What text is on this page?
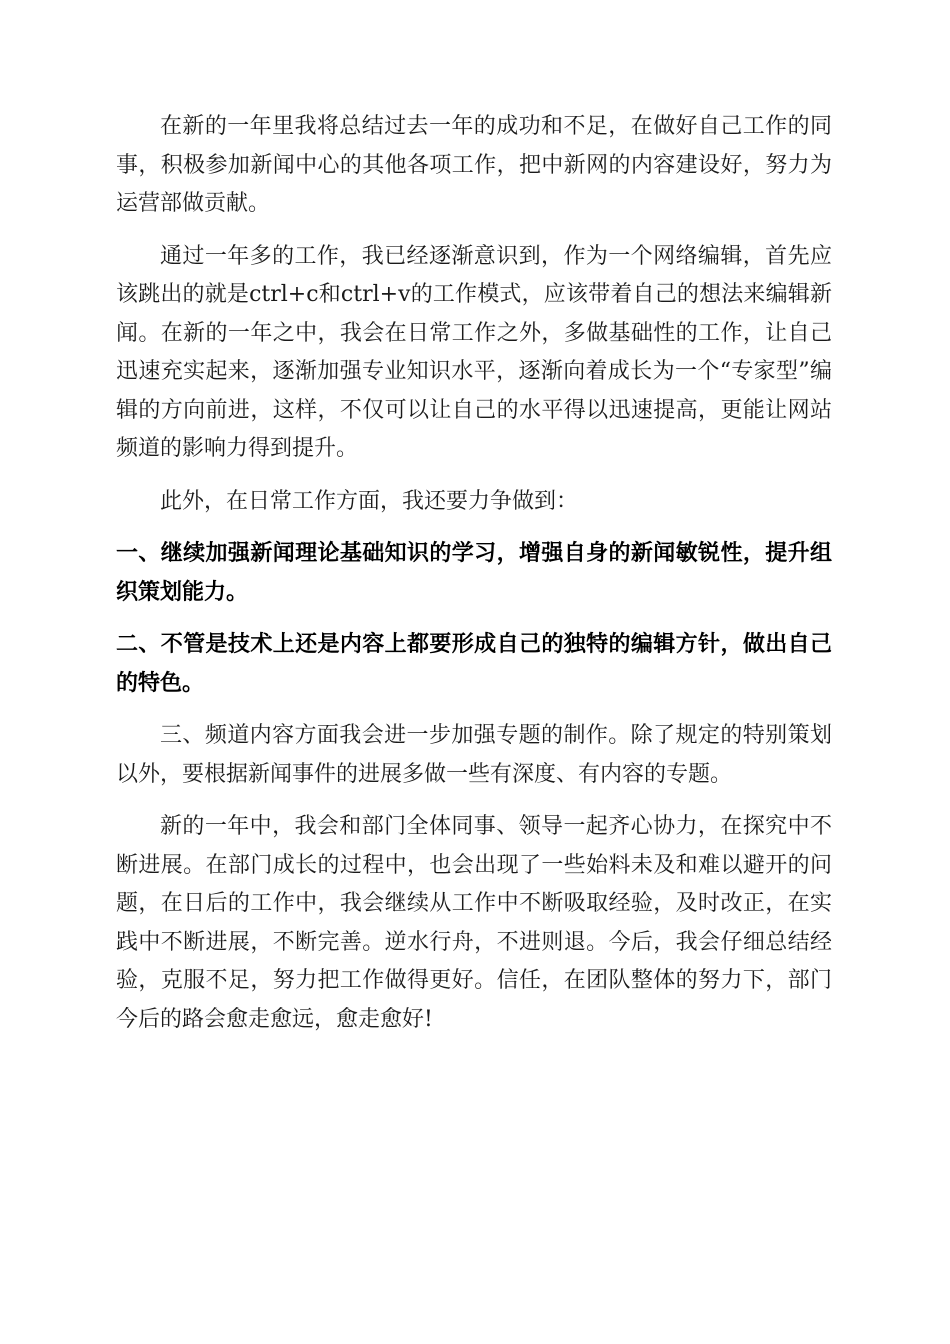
在新的一年里我将总结过去一年的成功和不足，在做好自己工作的同事，积极参加新闻中心的其他各项工作，把中新网的内容建设好，努力为运营部做贡献。

通过一年多的工作，我已经逐渐意识到，作为一个网络编辑，首先应该跳出的就是ctrl+c和ctrl+v的工作模式，应该带着自己的想法来编辑新闻。在新的一年之中，我会在日常工作之外，多做基础性的工作，让自己迅速充实起来，逐渐加强专业知识水平，逐渐向着成长为一个“专家型”编辑的方向前进，这样，不仅可以让自己的水平得以迅速提高，更能让网站频道的影响力得到提升。

此外，在日常工作方面，我还要力争做到：

一、继续加强新闻理论基础知识的学习，增强自身的新闻敏锐性，提升组织策划能力。

二、不管是技术上还是内容上都要形成自己的独特的编辑方针，做出自己的特色。

三、频道内容方面我会进一步加强专题的制作。除了规定的特别策划以外，要根据新闻事件的进展多做一些有深度、有内容的专题。

新的一年中，我会和部门全体同事、领导一起齐心协力，在探究中不断进展。在部门成长的过程中，也会出现了一些始料未及和难以避开的问题，在日后的工作中，我会继续从工作中不断吸取经验，及时改正，在实践中不断进展，不断完善。逆水行舟，不进则退。今后，我会仔细总结经验，克服不足，努力把工作做得更好。信任，在团队整体的努力下，部门今后的路会愈走愈远，愈走愈好!
